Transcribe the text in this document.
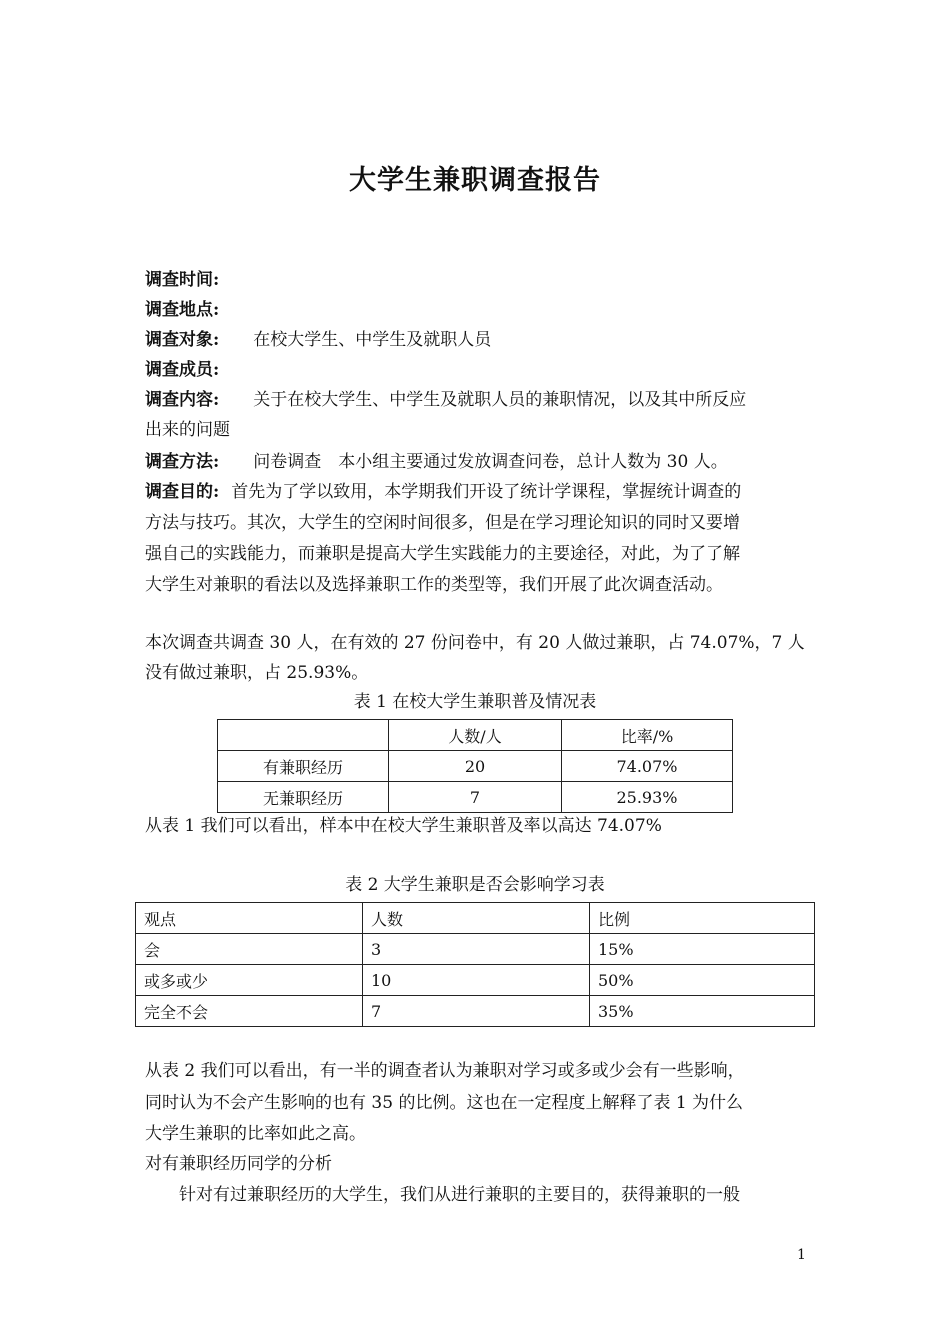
大学生兼职调查报告
调查时间:
调查地点:
调查对象: 在校大学生、中学生及就职人员
调查成员:
调查内容: 关于在校大学生、中学生及就职人员的兼职情况，以及其中所反应
出来的问题
调查方法: 问卷调查　本小组主要通过发放调查问卷，总计人数为 30 人。
调查目的: 首先为了学以致用，本学期我们开设了统计学课程，掌握统计调查的
方法与技巧。其次，大学生的空闲时间很多，但是在学习理论知识的同时又要增
强自己的实践能力，而兼职是提高大学生实践能力的主要途径，对此，为了了解
大学生对兼职的看法以及选择兼职工作的类型等，我们开展了此次调查活动。
本次调查共调查 30 人，在有效的 27 份问卷中，有 20 人做过兼职，占 74.07%，7 人
没有做过兼职，占 25.93%。
表 1 在校大学生兼职普及情况表
	人数/人	比率/%
有兼职经历	20	74.07%
无兼职经历	7	25.93%
从表 1 我们可以看出，样本中在校大学生兼职普及率以高达 74.07%
表 2 大学生兼职是否会影响学习表
观点	人数	比例
会	3	15%
或多或少	10	50%
完全不会	7	35%
从表 2 我们可以看出，有一半的调查者认为兼职对学习或多或少会有一些影响，
同时认为不会产生影响的也有 35 的比例。这也在一定程度上解释了表 1 为什么
大学生兼职的比率如此之高。
对有兼职经历同学的分析
针对有过兼职经历的大学生，我们从进行兼职的主要目的，获得兼职的一般
1
